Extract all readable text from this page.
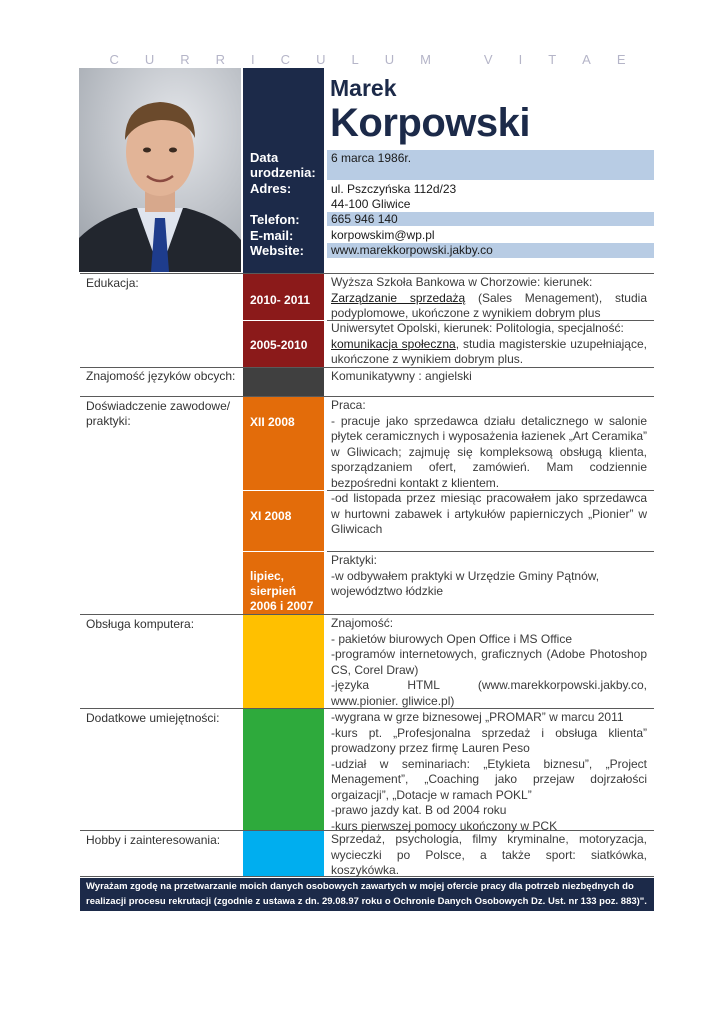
C U R R I C U L U M	V I T A E
Data urodzenia:
Adres:
Telefon:
E-mail:
Website:
Marek
Korpowski
6 marca 1986r.
ul. Pszczyńska 112d/23
44-100 Gliwice
665 946 140
korpowskim@wp.pl
www.marekkorpowski.jakby.co
Edukacja:
Znajomość języków obcych:
Doświadczenie zawodowe/ praktyki:
Obsługa komputera:
Dodatkowe umiejętności:
Hobby i zainteresowania:
2010- 2011
2005-2010
XII 2008
XI 2008
lipiec,
sierpień
2006 i 2007
Wyższa Szkoła Bankowa w Chorzowie: kierunek:
Zarządzanie sprzedażą (Sales Menagement), studia podyplomowe, ukończone z wynikiem dobrym plus
Uniwersytet Opolski, kierunek: Politologia, specjalność:
komunikacja społeczna, studia magisterskie uzupełniające, ukończone z wynikiem dobrym plus.
Komunikatywny : angielski
Praca:
- pracuje jako sprzedawca działu detalicznego w salonie płytek ceramicznych i wyposażenia łazienek „Art Ceramika” w Gliwicach; zajmuję się kompleksową obsługą klienta, sporządzaniem ofert, zamówień. Mam codziennie bezpośredni kontakt z klientem.
-od listopada przez miesiąc pracowałem jako sprzedawca w hurtowni zabawek i artykułów papierniczych „Pionier” w Gliwicach
Praktyki:
-w odbywałem praktyki w Urzędzie Gminy Pątnów, województwo łódzkie
Znajomość:
- pakietów biurowych Open Office i MS Office
-programów internetowych, graficznych (Adobe Photoshop CS, Corel Draw)
-języka HTML (www.marekkorpowski.jakby.co, www.pionier. gliwice.pl)
-wygrana w grze biznesowej „PROMAR” w marcu 2011
-kurs pt. „Profesjonalna sprzedaż i obsługa klienta” prowadzony przez firmę Lauren Peso
-udział w seminariach: „Etykieta biznesu”, „Project Menagement”, „Coaching jako przejaw dojrzałości orgaizacji”, „Dotacje w ramach POKL”
-prawo jazdy kat. B od 2004 roku
-kurs pierwszej pomocy ukończony w PCK
Sprzedaż, psychologia, filmy kryminalne, motoryzacja, wycieczki po Polsce, a także sport: siatkówka, koszykówka.
Wyrażam zgodę na przetwarzanie moich danych osobowych zawartych w mojej ofercie pracy dla potrzeb niezbędnych do realizacji procesu rekrutacji (zgodnie z ustawa z dn. 29.08.97 roku o Ochronie Danych Osobowych Dz. Ust. nr 133 poz. 883)".
